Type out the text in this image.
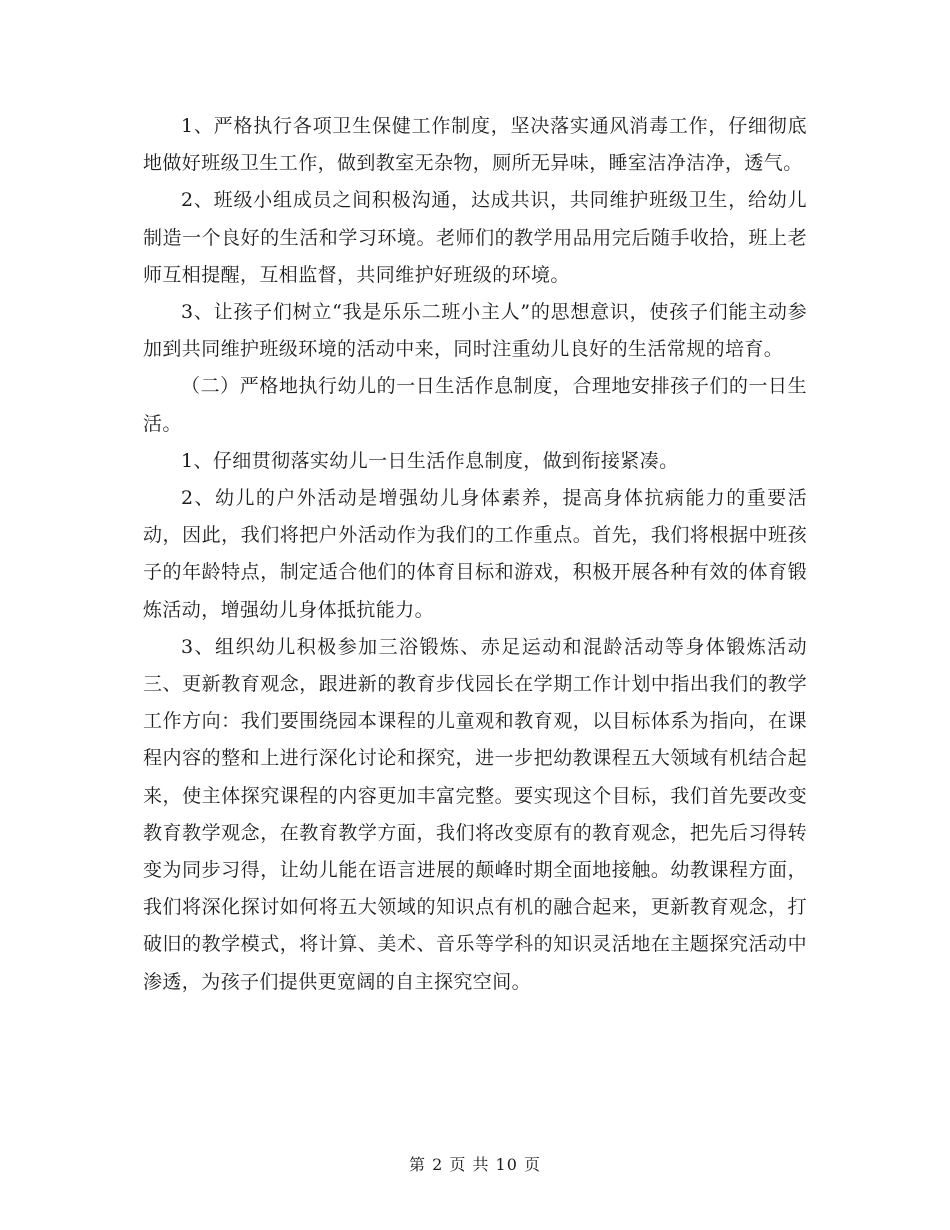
1、严格执行各项卫生保健工作制度，坚决落实通风消毒工作，仔细彻底地做好班级卫生工作，做到教室无杂物，厕所无异味，睡室洁净洁净，透气。

2、班级小组成员之间积极沟通，达成共识，共同维护班级卫生，给幼儿制造一个良好的生活和学习环境。老师们的教学用品用完后随手收拾，班上老师互相提醒，互相监督，共同维护好班级的环境。

3、让孩子们树立“我是乐乐二班小主人”的思想意识，使孩子们能主动参加到共同维护班级环境的活动中来，同时注重幼儿良好的生活常规的培育。

（二）严格地执行幼儿的一日生活作息制度，合理地安排孩子们的一日生活。

1、仔细贯彻落实幼儿一日生活作息制度，做到衔接紧凑。

2、幼儿的户外活动是增强幼儿身体素养，提高身体抗病能力的重要活动，因此，我们将把户外活动作为我们的工作重点。首先，我们将根据中班孩子的年龄特点，制定适合他们的体育目标和游戏，积极开展各种有效的体育锻炼活动，增强幼儿身体抵抗能力。

3、组织幼儿积极参加三浴锻炼、赤足运动和混龄活动等身体锻炼活动三、更新教育观念，跟进新的教育步伐园长在学期工作计划中指出我们的教学工作方向：我们要围绕园本课程的儿童观和教育观，以目标体系为指向，在课程内容的整和上进行深化讨论和探究，进一步把幼教课程五大领域有机结合起来，使主体探究课程的内容更加丰富完整。要实现这个目标，我们首先要改变教育教学观念，在教育教学方面，我们将改变原有的教育观念，把先后习得转变为同步习得，让幼儿能在语言进展的颠峰时期全面地接触。幼教课程方面，我们将深化探讨如何将五大领域的知识点有机的融合起来，更新教育观念，打破旧的教学模式，将计算、美术、音乐等学科的知识灵活地在主题探究活动中渗透，为孩子们提供更宽阔的自主探究空间。

第 2 页 共 10 页
